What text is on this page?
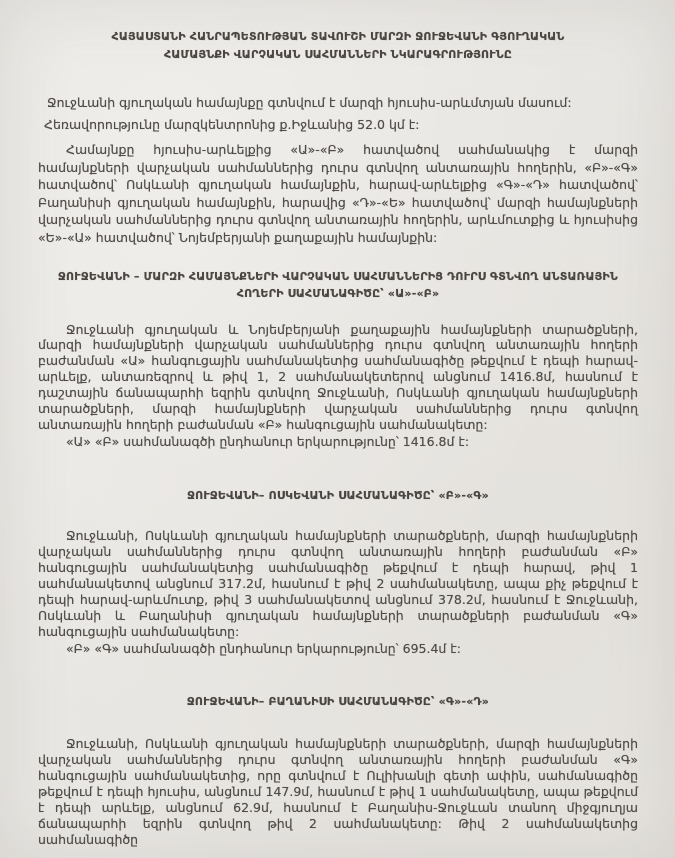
ՀԱՅԱՍՏԱՆԻ ՀԱՆՐԱՊԵՏՈՒԹՅԱՆ ՏԱՎՈՒՇԻ ՄԱՐԶԻ ՋՈՒՋԵՎԱՆԻ ԳՅՈՒՂԱԿԱՆ
ՀԱՄԱՅՆՔԻ ՎԱՐՉԱԿԱՆ ՍԱՀՄԱՆՆԵՐԻ ՆԿԱՐԱԳՐՈՒԹՅՈՒՆԸ

Ջուջևանի գյուղական համայնքը գտնվում է մարզի հյուսիս-արևմտյան մասում:

Հեռավորությունը մարզկենտրոնից ք.Իջևանից 52.0 կմ է:

Համայնքը հյուսիս-արևելքից «Ա»-«Բ» հատվածով սահմանակից է մարզի համայնքների վարչական սահմաններից դուրս գտնվող անտառային հողերին, «Բ»-«Գ» հատվածով՝ Ոսկևանի գյուղական համայնքին, հարավ-արևելքից «Գ»-«Դ» հատվածով՝ Բաղանիսի գյուղական համայնքին, հարավից «Դ»-«Ե» հատվածով՝ մարզի համայնքների վարչական սահմաններից դուրս գտնվող անտառային հողերին, արևմուտքից և հյուսիսից «Ե»-«Ա» հատվածով՝ Նոյեմբերյանի քաղաքային համայնքին:

ՋՈՒՋԵՎԱՆԻ – ՄԱՐԶԻ ՀԱՄԱՅՆՔՆԵՐԻ ՎԱՐՉԱԿԱՆ ՍԱՀՄԱՆՆԵՐԻՑ ԴՈՒՐՍ ԳՏՆՎՈՂ ԱՆՏԱՌԱՅԻՆ ՀՈՂԵՐԻ ՍԱՀՄԱՆԱԳԻԾԸ՝ «Ա»-«Բ»

Ջուջևանի գյուղական և Նոյեմբերյանի քաղաքային համայնքների տարածքների, մարզի համայնքների վարչական սահմաններից դուրս գտնվող անտառային հողերի բաժանման «Ա» հանգուցային սահմանակետից սահմանագիծը թեքվում է դեպի հարավ-արևելք, անտառեզրով և թիվ 1, 2 սահմանակետերով անցնում 1416.8մ, հասնում է դաշտային ճանապարհի եզրին գտնվող Ջուջևանի, Ոսկևանի գյուղական համայնքների տարածքների, մարզի համայնքների վարչական սահմաններից դուրս գտնվող անտառային հողերի բաժանման «Բ» հանգուցային սահմանակետը:

«Ա» «Բ» սահմանագծի ընդհանուր երկարությունը՝ 1416.8մ է:

ՋՈՒՋԵՎԱՆԻ– ՈՍԿԵՎԱՆԻ ՍԱՀՄԱՆԱԳԻԾԸ՝ «Բ»-«Գ»

Ջուջևանի, Ոսկևանի գյուղական համայնքների տարածքների, մարզի համայնքների վարչական սահմաններից դուրս գտնվող անտառային հողերի բաժանման «Բ» հանգուցային սահմանակետից սահմանագիծը թեքվում է դեպի հարավ, թիվ 1 սահմանակետով անցնում 317.2մ, հասնում է թիվ 2 սահմանակետը, ապա քիչ թեքվում է դեպի հարավ-արևմուտք, թիվ 3 սահմանակետով անցնում 378.2մ, հասնում է Ջուջևանի, Ոսկևանի և Բաղանիսի գյուղական համայնքների տարածքների բաժանման «Գ» հանգուցային սահմանակետը:

«Բ» «Գ» սահմանագծի ընդհանուր երկարությունը՝ 695.4մ է:

ՋՈՒՋԵՎԱՆԻ– ԲԱՂԱՆԻՍԻ ՍԱՀՄԱՆԱԳԻԾԸ՝ «Գ»-«Դ»

Ջուջևանի, Ոսկևանի գյուղական համայնքների տարածքների, մարզի համայնքների վարչական սահմաններից դուրս գտնվող անտառային հողերի բաժանման «Գ» հանգուցային սահմանակետից, որը գտնվում է Ուլիխանլի գետի ափին, սահմանագիծը թեքվում է դեպի հյուսիս, անցնում 147.9մ, հասնում է թիվ 1 սահմանակետը, ապա թեքվում է դեպի արևելք, անցնում 62.9մ, հասնում է Բաղանիս-Ջուջևան տանող միջգյուղյա ճանապարհի եզրին գտնվող թիվ 2 սահմանակետը: Թիվ 2 սահմանակետից սահմանագիծը
